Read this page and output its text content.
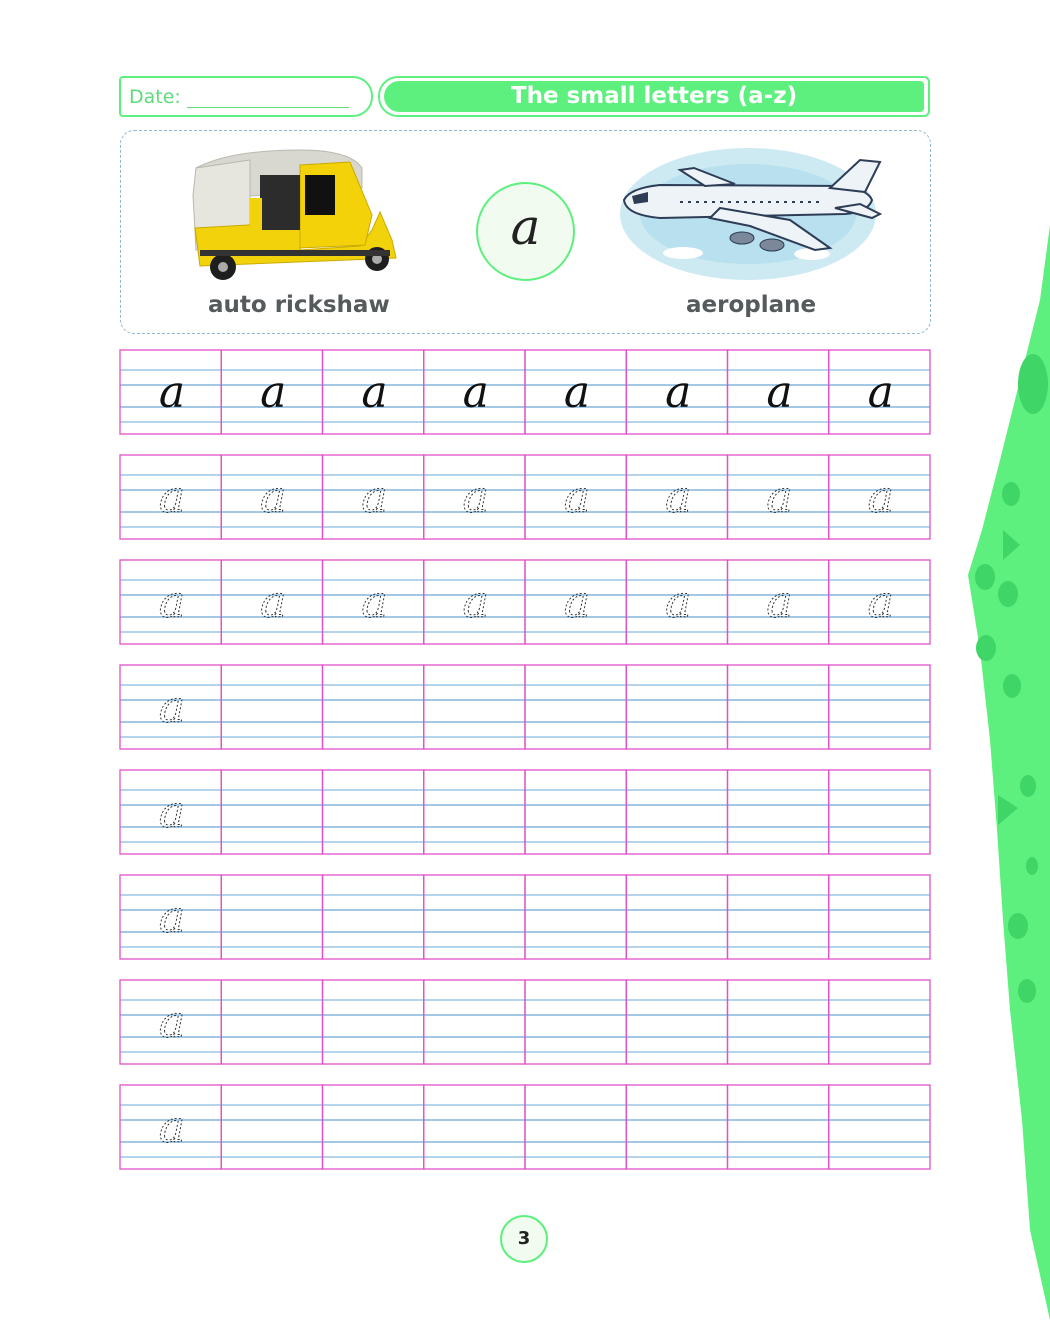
Date:	The small letters (a-z)
a
auto rickshaw	aeroplane
a a a a a a a a
a a a a a a a a
a a a a a a a a
a
a
a
a
a
3
